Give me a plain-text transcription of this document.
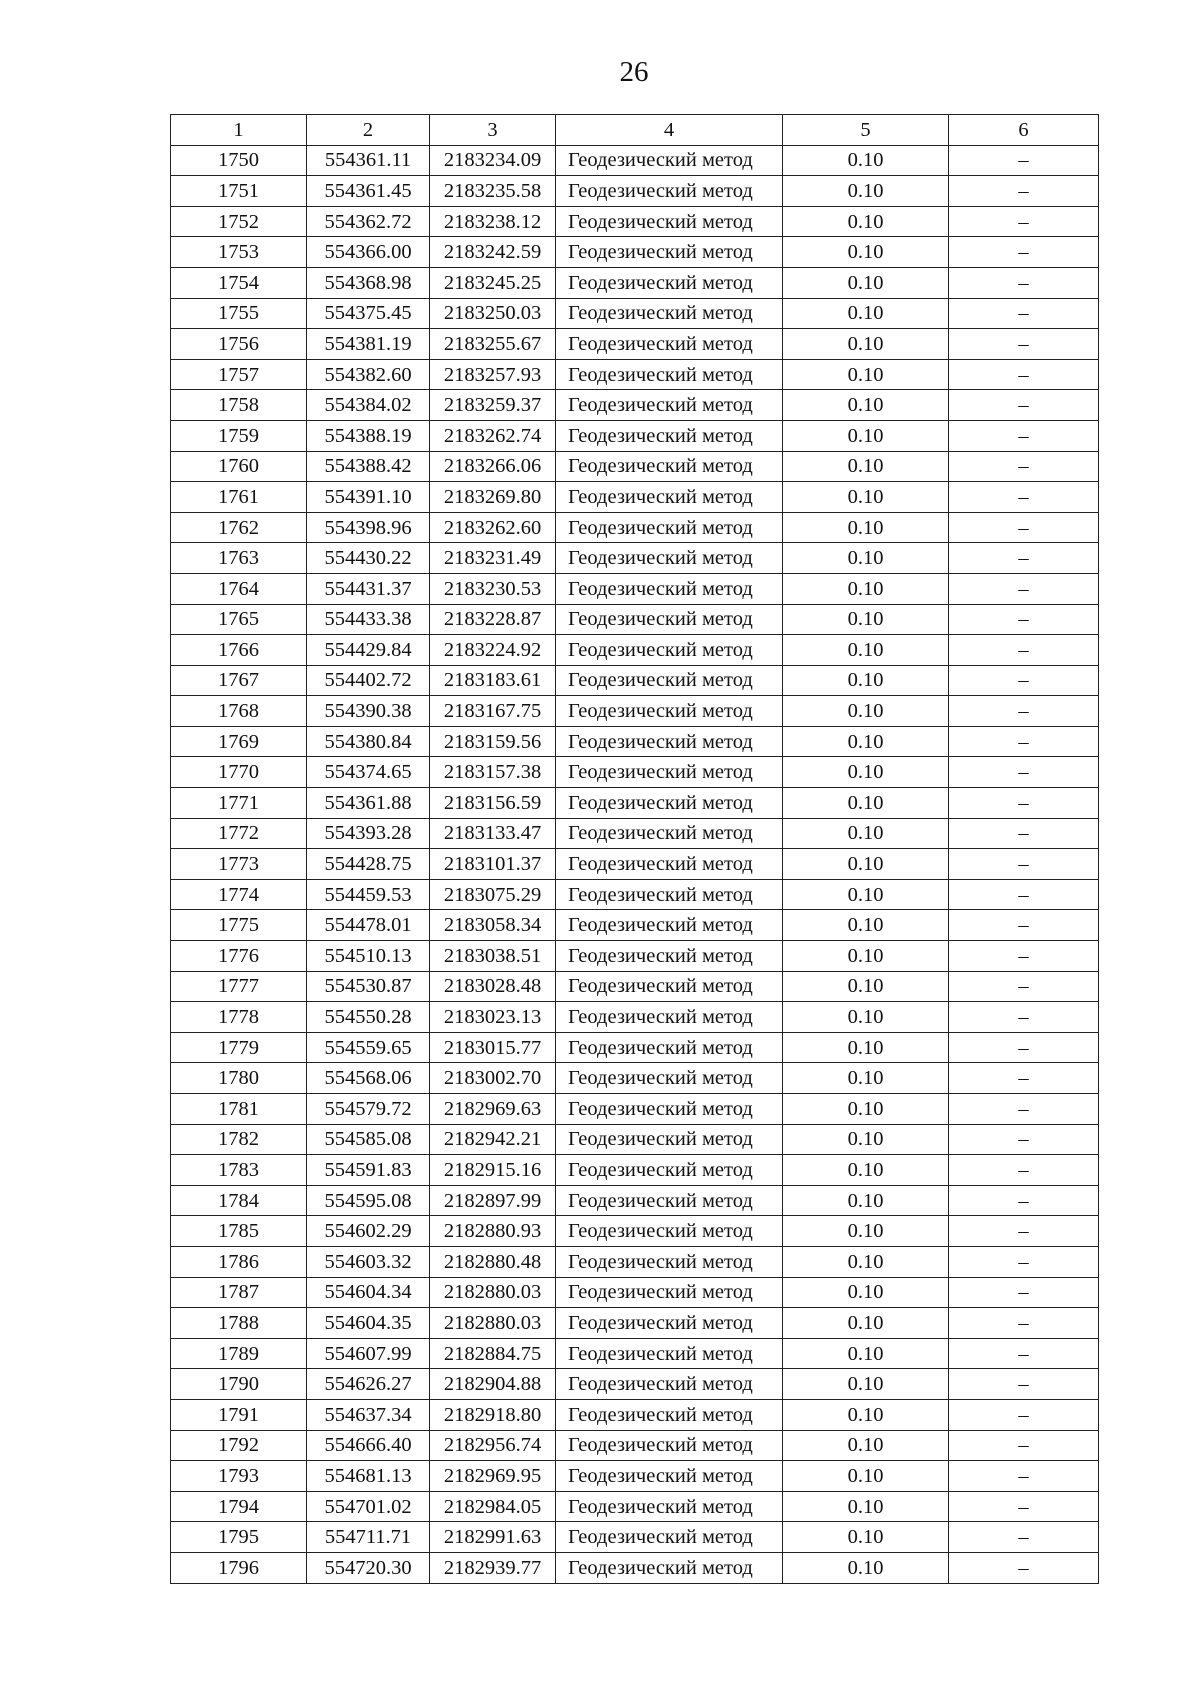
26
1	2	3	4	5	6
1750	554361.11	2183234.09	Геодезический метод	0.10	–
1751	554361.45	2183235.58	Геодезический метод	0.10	–
1752	554362.72	2183238.12	Геодезический метод	0.10	–
1753	554366.00	2183242.59	Геодезический метод	0.10	–
1754	554368.98	2183245.25	Геодезический метод	0.10	–
1755	554375.45	2183250.03	Геодезический метод	0.10	–
1756	554381.19	2183255.67	Геодезический метод	0.10	–
1757	554382.60	2183257.93	Геодезический метод	0.10	–
1758	554384.02	2183259.37	Геодезический метод	0.10	–
1759	554388.19	2183262.74	Геодезический метод	0.10	–
1760	554388.42	2183266.06	Геодезический метод	0.10	–
1761	554391.10	2183269.80	Геодезический метод	0.10	–
1762	554398.96	2183262.60	Геодезический метод	0.10	–
1763	554430.22	2183231.49	Геодезический метод	0.10	–
1764	554431.37	2183230.53	Геодезический метод	0.10	–
1765	554433.38	2183228.87	Геодезический метод	0.10	–
1766	554429.84	2183224.92	Геодезический метод	0.10	–
1767	554402.72	2183183.61	Геодезический метод	0.10	–
1768	554390.38	2183167.75	Геодезический метод	0.10	–
1769	554380.84	2183159.56	Геодезический метод	0.10	–
1770	554374.65	2183157.38	Геодезический метод	0.10	–
1771	554361.88	2183156.59	Геодезический метод	0.10	–
1772	554393.28	2183133.47	Геодезический метод	0.10	–
1773	554428.75	2183101.37	Геодезический метод	0.10	–
1774	554459.53	2183075.29	Геодезический метод	0.10	–
1775	554478.01	2183058.34	Геодезический метод	0.10	–
1776	554510.13	2183038.51	Геодезический метод	0.10	–
1777	554530.87	2183028.48	Геодезический метод	0.10	–
1778	554550.28	2183023.13	Геодезический метод	0.10	–
1779	554559.65	2183015.77	Геодезический метод	0.10	–
1780	554568.06	2183002.70	Геодезический метод	0.10	–
1781	554579.72	2182969.63	Геодезический метод	0.10	–
1782	554585.08	2182942.21	Геодезический метод	0.10	–
1783	554591.83	2182915.16	Геодезический метод	0.10	–
1784	554595.08	2182897.99	Геодезический метод	0.10	–
1785	554602.29	2182880.93	Геодезический метод	0.10	–
1786	554603.32	2182880.48	Геодезический метод	0.10	–
1787	554604.34	2182880.03	Геодезический метод	0.10	–
1788	554604.35	2182880.03	Геодезический метод	0.10	–
1789	554607.99	2182884.75	Геодезический метод	0.10	–
1790	554626.27	2182904.88	Геодезический метод	0.10	–
1791	554637.34	2182918.80	Геодезический метод	0.10	–
1792	554666.40	2182956.74	Геодезический метод	0.10	–
1793	554681.13	2182969.95	Геодезический метод	0.10	–
1794	554701.02	2182984.05	Геодезический метод	0.10	–
1795	554711.71	2182991.63	Геодезический метод	0.10	–
1796	554720.30	2182939.77	Геодезический метод	0.10	–
